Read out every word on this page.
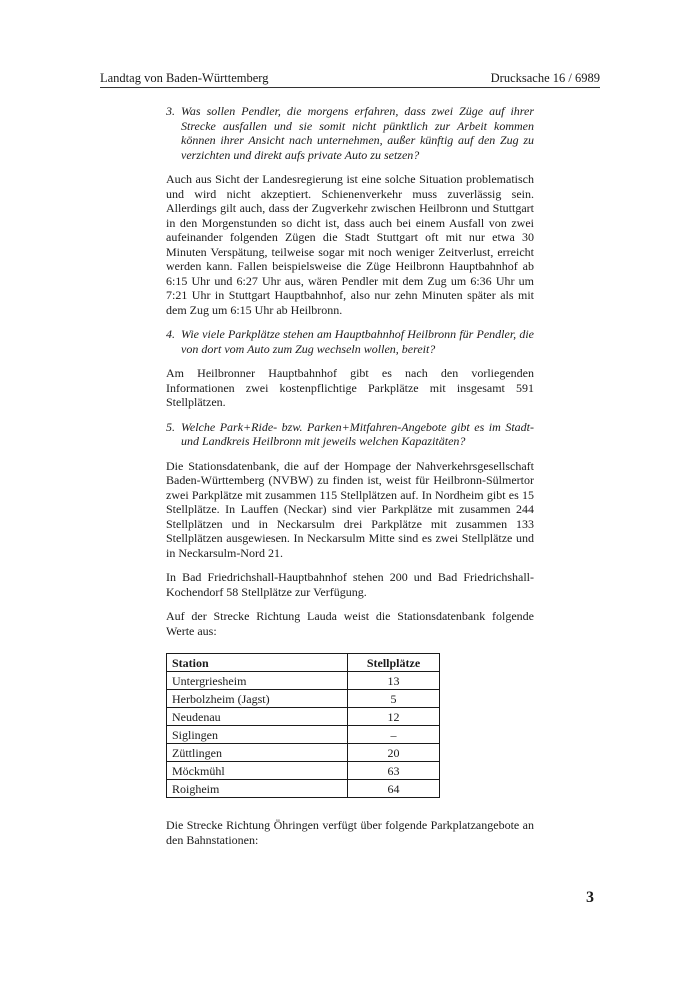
Landtag von Baden-Württemberg	Drucksache 16 / 6989
3. Was sollen Pendler, die morgens erfahren, dass zwei Züge auf ihrer Strecke ausfallen und sie somit nicht pünktlich zur Arbeit kommen können ihrer Ansicht nach unternehmen, außer künftig auf den Zug zu verzichten und direkt aufs private Auto zu setzen?

Auch aus Sicht der Landesregierung ist eine solche Situation problematisch und wird nicht akzeptiert. Schienenverkehr muss zuverlässig sein. Allerdings gilt auch, dass der Zugverkehr zwischen Heilbronn und Stuttgart in den Morgenstunden so dicht ist, dass auch bei einem Ausfall von zwei aufeinander folgenden Zügen die Stadt Stuttgart oft mit nur etwa 30 Minuten Verspätung, teilweise sogar mit noch weniger Zeitverlust, erreicht werden kann. Fallen beispielsweise die Züge Heilbronn Hauptbahnhof ab 6:15 Uhr und 6:27 Uhr aus, wären Pendler mit dem Zug um 6:36 Uhr um 7:21 Uhr in Stuttgart Hauptbahnhof, also nur zehn Minuten später als mit dem Zug um 6:15 Uhr ab Heilbronn.

4. Wie viele Parkplätze stehen am Hauptbahnhof Heilbronn für Pendler, die von dort vom Auto zum Zug wechseln wollen, bereit?

Am Heilbronner Hauptbahnhof gibt es nach den vorliegenden Informationen zwei kostenpflichtige Parkplätze mit insgesamt 591 Stellplätzen.

5. Welche Park+Ride- bzw. Parken+Mitfahren-Angebote gibt es im Stadt- und Landkreis Heilbronn mit jeweils welchen Kapazitäten?

Die Stationsdatenbank, die auf der Hompage der Nahverkehrsgesellschaft Baden-Württemberg (NVBW) zu finden ist, weist für Heilbronn-Sülmertor zwei Parkplätze mit zusammen 115 Stellplätzen auf. In Nordheim gibt es 15 Stellplätze. In Lauffen (Neckar) sind vier Parkplätze mit zusammen 244 Stellplätzen und in Neckarsulm drei Parkplätze mit zusammen 133 Stellplätzen ausgewiesen. In Neckarsulm Mitte sind es zwei Stellplätze und in Neckarsulm-Nord 21.

In Bad Friedrichshall-Hauptbahnhof stehen 200 und Bad Friedrichshall-Kochendorf 58 Stellplätze zur Verfügung.

Auf der Strecke Richtung Lauda weist die Stationsdatenbank folgende Werte aus:

Station	Stellplätze
Untergriesheim	13
Herbolzheim (Jagst)	5
Neudenau	12
Siglingen	–
Züttlingen	20
Möckmühl	63
Roigheim	64

Die Strecke Richtung Öhringen verfügt über folgende Parkplatzangebote an den Bahnstationen:

3
